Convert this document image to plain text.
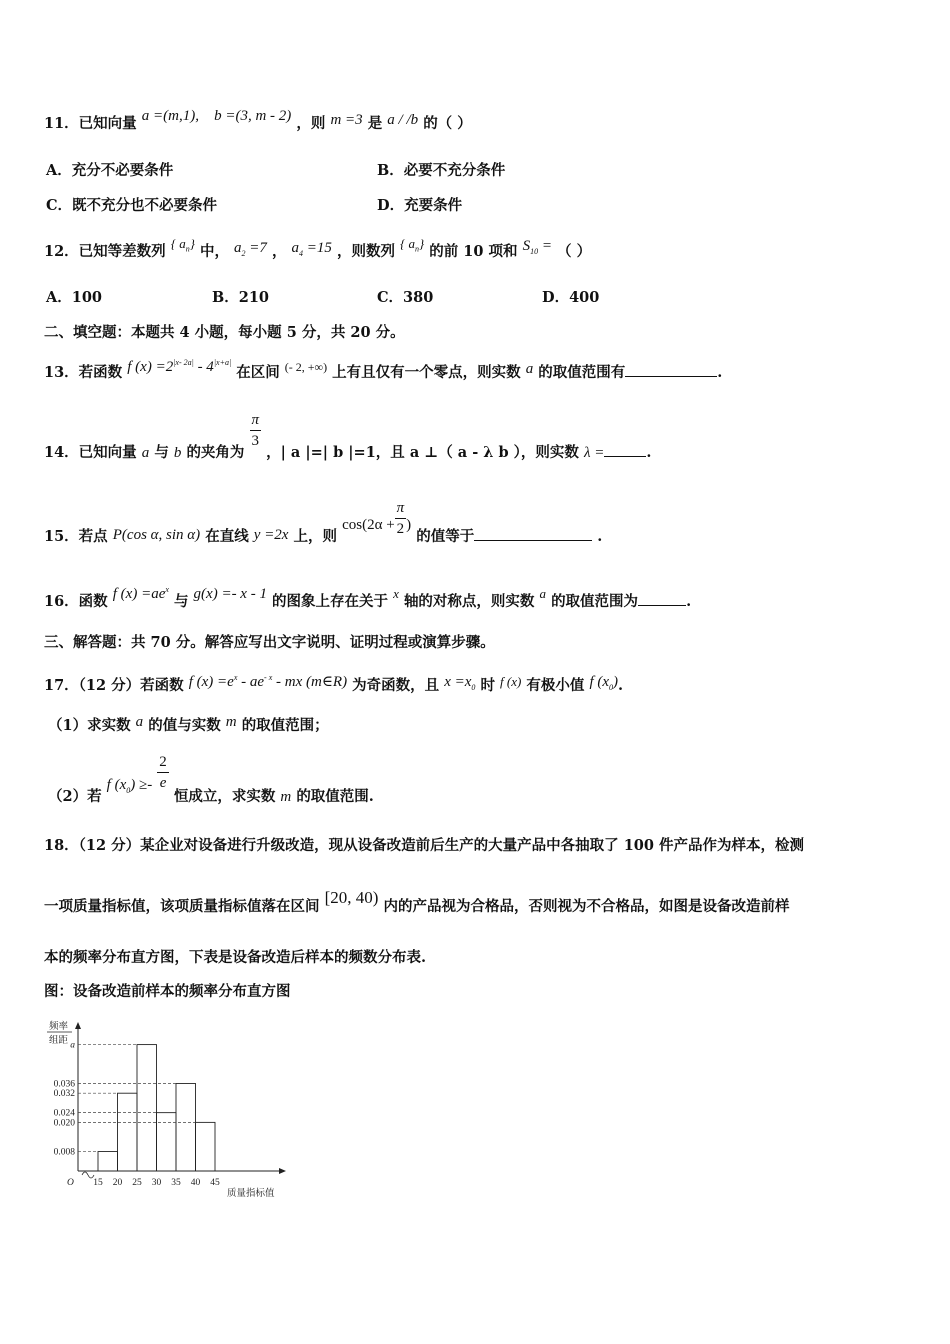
11．已知向量 a =(m,1), b =(3, m - 2) ，则 m =3 是 a / /b 的（ ）
A．充分不必要条件	B．必要不充分条件
C．既不充分也不必要条件	D．充要条件
12．已知等差数列 { $a_n$} 中， $a_2 =7$ ， $a_4 =15$ ，则数列 { $a_n$} 的前 10 项和 $S_{10}$ = （ ）
A．100	B．210	C．380	D．400
二、填空题：本题共 4 小题，每小题 5 分，共 20 分。
13．若函数 f $(x) =2^{|x- 2a|} - 4^{|x+a|}$ 在区间 $^{(- 2, +\infty)}$ 上有且仅有一个零点，则实数 a 的取值范围有	.
14．已知向量 a 与 b 的夹角为
$\frac{\pi}{3}$
，| a |=| b |=1，且 a ⊥（ a - λ b ），则实数 λ =	.
15．若点 P(cos α, sin α) 在直线 y =2x 上，则 $\cos(2\alpha + \frac{\pi}{2}$ ) 的值等于	.
16．函数 f $(x) =ae^x$ 与 g(x) =- x - 1 的图象上存在关于 x 轴的对称点，则实数 a 的取值范围为	.
三、解答题：共 70 分。解答应写出文字说明、证明过程或演算步骤。
17．（12 分）若函数 f $(x) =e^x - ae^{- x}$ - mx (m∈R) 为奇函数，且 $x =x_0$ 时 f (x) 有极小值 f $(x_0)$.
（1）求实数 a 的值与实数 m 的取值范围；
（2）若 f $(x_0) \ge- \frac{2}{e}$
恒成立，求实数 m 的取值范围.
18．（12 分）某企业对设备进行升级改造，现从设备改造前后生产的大量产品中各抽取了 100 件产品作为样本，检测
一项质量指标值，该项质量指标值落在区间 [20, 40) 内的产品视为合格品，否则视为不合格品，如图是设备改造前样
本的频率分布直方图，下表是设备改造后样本的频数分布表.
图：设备改造前样本的频率分布直方图
频率
组距
O
质量指标值
a
0.036
0.032
0.024
0.020
0.008
15 20 25 30 35 40 45
